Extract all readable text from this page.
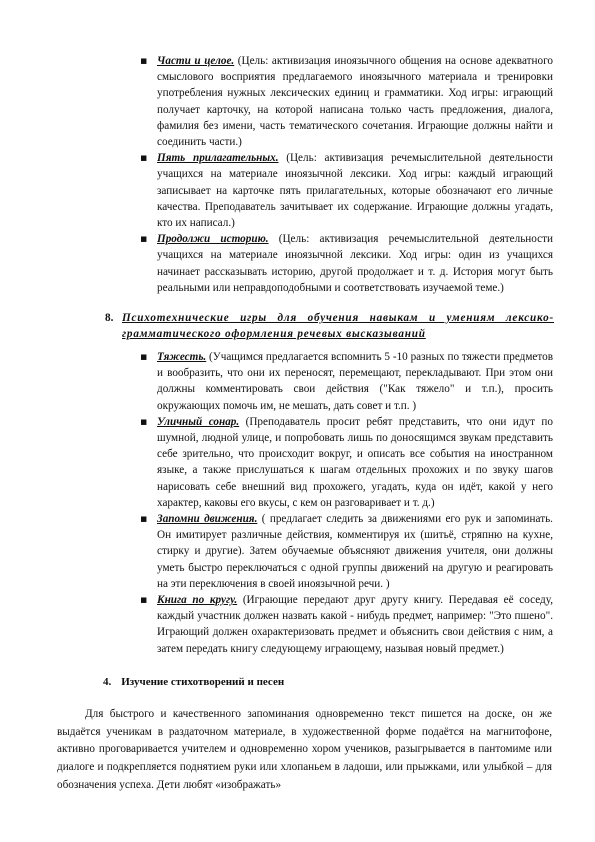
▪ Части и целое. (Цель: активизация иноязычного общения на основе адекватного смыслового восприятия предлагаемого иноязычного материала и тренировки употребления нужных лексических единиц и грамматики. Ход игры: играющий получает карточку, на которой написана только часть предложения, диалога, фамилия без имени, часть тематического сочетания. Играющие должны найти и соединить части.)
▪ Пять прилагательных. (Цель: активизация речемыслительной деятельности учащихся на материале иноязычной лексики. Ход игры: каждый играющий записывает на карточке пять прилагательных, которые обозначают его личные качества. Преподаватель зачитывает их содержание. Играющие должны угадать, кто их написал.)
▪ Продолжи историю. (Цель: активизация речемыслительной деятельности учащихся на материале иноязычной лексики. Ход игры: один из учащихся начинает рассказывать историю, другой продолжает и т. д. История могут быть реальными или неправдоподобными и соответствовать изучаемой теме.)
8. Психотехнические игры для обучения навыкам и умениям лексико-грамматического оформления речевых высказываний
▪ Тяжесть. (Учащимся предлагается вспомнить 5 -10 разных по тяжести предметов и вообразить, что они их переносят, перемещают, перекладывают. При этом они должны комментировать свои действия ("Как тяжело" и т.п.), просить окружающих помочь им, не мешать, дать совет и т.п. )
▪ Уличный сонар. (Преподаватель просит ребят представить, что они идут по шумной, людной улице, и попробовать лишь по доносящимся звукам представить себе зрительно, что происходит вокруг, и описать все события на иностранном языке, а также прислушаться к шагам отдельных прохожих и по звуку шагов нарисовать себе внешний вид прохожего, угадать, куда он идёт, какой у него характер, каковы его вкусы, с кем он разговаривает и т. д.)
▪ Запомни движения. ( предлагает следить за движениями его рук и запоминать. Он имитирует различные действия, комментируя их (шитьё, стряпню на кухне, стирку и другие). Затем обучаемые объясняют движения учителя, они должны уметь быстро переключаться с одной группы движений на другую и реагировать на эти переключения в своей иноязычной речи. )
▪ Книга по кругу. (Играющие передают друг другу книгу. Передавая её соседу, каждый участник должен назвать какой - нибудь предмет, например: "Это пшено". Играющий должен охарактеризовать предмет и объяснить свои действия с ним, а затем передать книгу следующему играющему, называя новый предмет.)
4. Изучение стихотворений и песен

Для быстрого и качественного запоминания одновременно текст пишется на доске, он же выдаётся ученикам в раздаточном материале, в художественной форме подаётся на магнитофоне, активно проговаривается учителем и одновременно хором учеников, разыгрывается в пантомиме или диалоге и подкрепляется поднятием руки или хлопаньем в ладоши, или прыжками, или улыбкой – для обозначения успеха. Дети любят «изображать»
